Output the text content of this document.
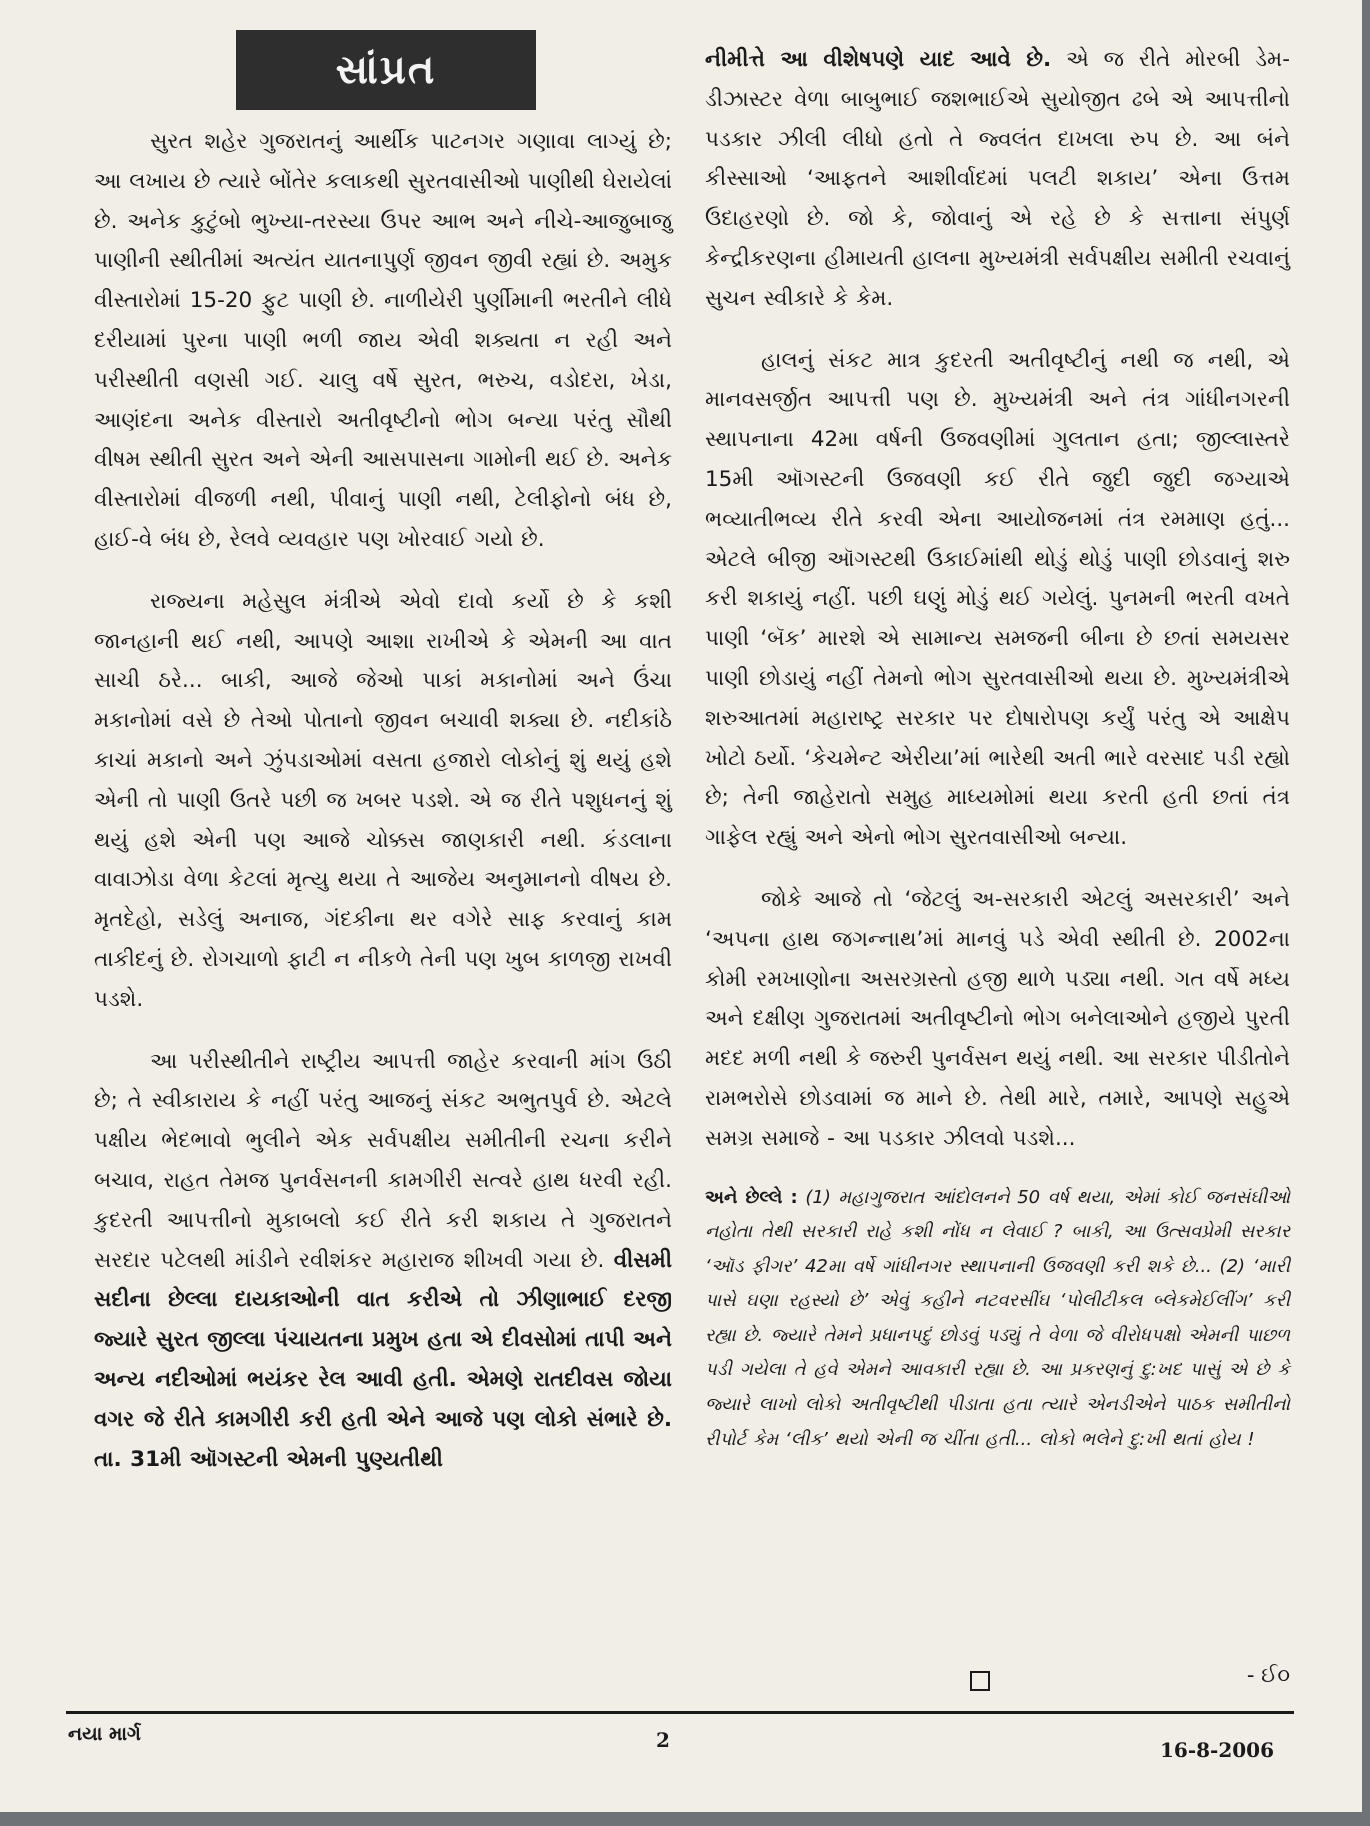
સાંપ્રત

સુરત શહેર ગુજરાતનું આર્થીક પાટનગર ગણાવા લાગ્યું છે; આ લખાય છે ત્યારે બોંતેર કલાકથી સુરતવાસીઓ પાણીથી ઘેરાયેલાં છે. અનેક કુટુંબો ભુખ્યા-તરસ્યા ઉપર આભ અને નીચે-આજુબાજુ પાણીની સ્થીતીમાં અત્યંત યાતનાપુર્ણ જીવન જીવી રહ્યાં છે. અમુક વીસ્તારોમાં 15-20 ફુટ પાણી છે. નાળીયેરી પુર્ણીમાની ભરતીને લીધે દરીયામાં પુરના પાણી ભળી જાય એવી શક્યતા ન રહી અને પરીસ્થીતી વણસી ગઈ. ચાલુ વર્ષે સુરત, ભરુચ, વડોદરા, ખેડા, આણંદના અનેક વીસ્તારો અતીવૃષ્ટીનો ભોગ બન્યા પરંતુ સૌથી વીષમ સ્થીતી સુરત અને એની આસપાસના ગામોની થઈ છે. અનેક વીસ્તારોમાં વીજળી નથી, પીવાનું પાણી નથી, ટેલીફોનો બંધ છે, હાઈ-વે બંધ છે, રેલવે વ્યવહાર પણ ખોરવાઈ ગયો છે.

રાજ્યના મહેસુલ મંત્રીએ એવો દાવો કર્યો છે કે કશી જાનહાની થઈ નથી, આપણે આશા રાખીએ કે એમની આ વાત સાચી ઠરે... બાકી, આજે જેઓ પાકાં મકાનોમાં અને ઉંચા મકાનોમાં વસે છે તેઓ પોતાનો જીવન બચાવી શક્યા છે. નદીકાંઠે કાચાં મકાનો અને ઝુંપડાઓમાં વસતા હજારો લોકોનું શું થયું હશે એની તો પાણી ઉતરે પછી જ ખબર પડશે. એ જ રીતે પશુધનનું શું થયું હશે એની પણ આજે ચોક્કસ જાણકારી નથી. કંડલાના વાવાઝોડા વેળા કેટલાં મૃત્યુ થયા તે આજેય અનુમાનનો વીષય છે. મૃતદેહો, સડેલું અનાજ, ગંદકીના થર વગેરે સાફ કરવાનું કામ તાકીદનું છે. રોગચાળો ફાટી ન નીકળે તેની પણ ખુબ કાળજી રાખવી પડશે.

આ પરીસ્થીતીને રાષ્ટ્રીય આપત્તી જાહેર કરવાની માંગ ઉઠી છે; તે સ્વીકારાય કે નહીં પરંતુ આજનું સંકટ અભુતપુર્વ છે. એટલે પક્ષીય ભેદભાવો ભુલીને એક સર્વપક્ષીય સમીતીની રચના કરીને બચાવ, રાહત તેમજ પુનર્વસનની કામગીરી સત્વરે હાથ ધરવી રહી. કુદરતી આપત્તીનો મુકાબલો કઈ રીતે કરી શકાય તે ગુજરાતને સરદાર પટેલથી માંડીને રવીશંકર મહારાજ શીખવી ગયા છે. વીસમી સદીના છેલ્લા દાયકાઓની વાત કરીએ તો ઝીણાભાઈ દરજી જ્યારે સુરત જીલ્લા પંચાયતના પ્રમુખ હતા એ દીવસોમાં તાપી અને અન્ય નદીઓમાં ભયંકર રેલ આવી હતી. એમણે રાતદીવસ જોયા વગર જે રીતે કામગીરી કરી હતી એને આજે પણ લોકો સંભારે છે. તા. 31મી ઑગસ્ટની એમની પુણ્યતીથી

નીમીત્તે આ વીશેષપણે યાદ આવે છે. એ જ રીતે મોરબી ડેમ-ડીઝાસ્ટર વેળા બાબુભાઈ જશભાઈએ સુયોજીત ઢબે એ આપત્તીનો પડકાર ઝીલી લીધો હતો તે જ્વલંત દાખલા રુપ છે. આ બંને કીસ્સાઓ ‘આફતને આશીર્વાદમાં પલટી શકાય’ એના ઉત્તમ ઉદાહરણો છે. જો કે, જોવાનું એ રહે છે કે સત્તાના સંપુર્ણ કેન્દ્રીકરણના હીમાયતી હાલના મુખ્યમંત્રી સર્વપક્ષીય સમીતી રચવાનું સુચન સ્વીકારે કે કેમ.

હાલનું સંકટ માત્ર કુદરતી અતીવૃષ્ટીનું નથી જ નથી, એ માનવસર્જીત આપત્તી પણ છે. મુખ્યમંત્રી અને તંત્ર ગાંધીનગરની સ્થાપનાના 42મા વર્ષની ઉજવણીમાં ગુલતાન હતા; જીલ્લાસ્તરે 15મી ઑગસ્ટની ઉજવણી કઈ રીતે જુદી જુદી જગ્યાએ ભવ્યાતીભવ્ય રીતે કરવી એના આયોજનમાં તંત્ર રમમાણ હતું... એટલે બીજી ઑગસ્ટથી ઉકાઈમાંથી થોડું થોડું પાણી છોડવાનું શરુ કરી શકાયું નહીં. પછી ઘણું મોડું થઈ ગયેલું. પુનમની ભરતી વખતે પાણી ‘બૅક’ મારશે એ સામાન્ય સમજની બીના છે છતાં સમયસર પાણી છોડાયું નહીં તેમનો ભોગ સુરતવાસીઓ થયા છે. મુખ્યમંત્રીએ શરુઆતમાં મહારાષ્ટ્ર સરકાર પર દોષારોપણ કર્યું પરંતુ એ આક્ષેપ ખોટો ઠર્યો. ‘કેચમેન્ટ એરીયા’માં ભારેથી અતી ભારે વરસાદ પડી રહ્યો છે; તેની જાહેરાતો સમુહ માધ્યમોમાં થયા કરતી હતી છતાં તંત્ર ગાફેલ રહ્યું અને એનો ભોગ સુરતવાસીઓ બન્યા.

જોકે આજે તો ‘જેટલું અ-સરકારી એટલું અસરકારી’ અને ‘અપના હાથ જગન્નાથ’માં માનવું પડે એવી સ્થીતી છે. 2002ના કોમી રમખાણોના અસરગ્રસ્તો હજી થાળે પડ્યા નથી. ગત વર્ષે મધ્ય અને દક્ષીણ ગુજરાતમાં અતીવૃષ્ટીનો ભોગ બનેલાઓને હજીયે પુરતી મદદ મળી નથી કે જરુરી પુનર્વસન થયું નથી. આ સરકાર પીડીતોને રામભરોસે છોડવામાં જ માને છે. તેથી મારે, તમારે, આપણે સહુએ સમગ્ર સમાજે - આ પડકાર ઝીલવો પડશે...

અને છેલ્લે : (1) મહાગુજરાત આંદોલનને 50 વર્ષ થયા, એમાં કોઈ જનસંઘીઓ નહોતા તેથી સરકારી રાહે કશી નોંધ ન લેવાઈ ? બાકી, આ ઉત્સવપ્રેમી સરકાર ‘ઑડ ફીગર’ 42મા વર્ષે ગાંધીનગર સ્થાપનાની ઉજવણી કરી શકે છે... (2) ‘મારી પાસે ઘણા રહસ્યો છે’ એવું કહીને નટવરસીંઘ ‘પોલીટીકલ બ્લેકમેઈલીંગ’ કરી રહ્યા છે. જ્યારે તેમને પ્રધાનપદું છોડવું પડ્યું તે વેળા જે વીરોધપક્ષો એમની પાછળ પડી ગયેલા તે હવે એમને આવકારી રહ્યા છે. આ પ્રકરણનું દુ:ખદ પાસું એ છે કે જ્યારે લાખો લોકો અતીવૃષ્ટીથી પીડાતા હતા ત્યારે એનડીએને પાઠક સમીતીનો રીપોર્ટ કેમ ‘લીક’ થયો એની જ ચીંતા હતી... લોકો ભલેને દુ:ખી થતાં હોય !

- ઈ૦
નયા માર્ગ	2	16-8-2006
